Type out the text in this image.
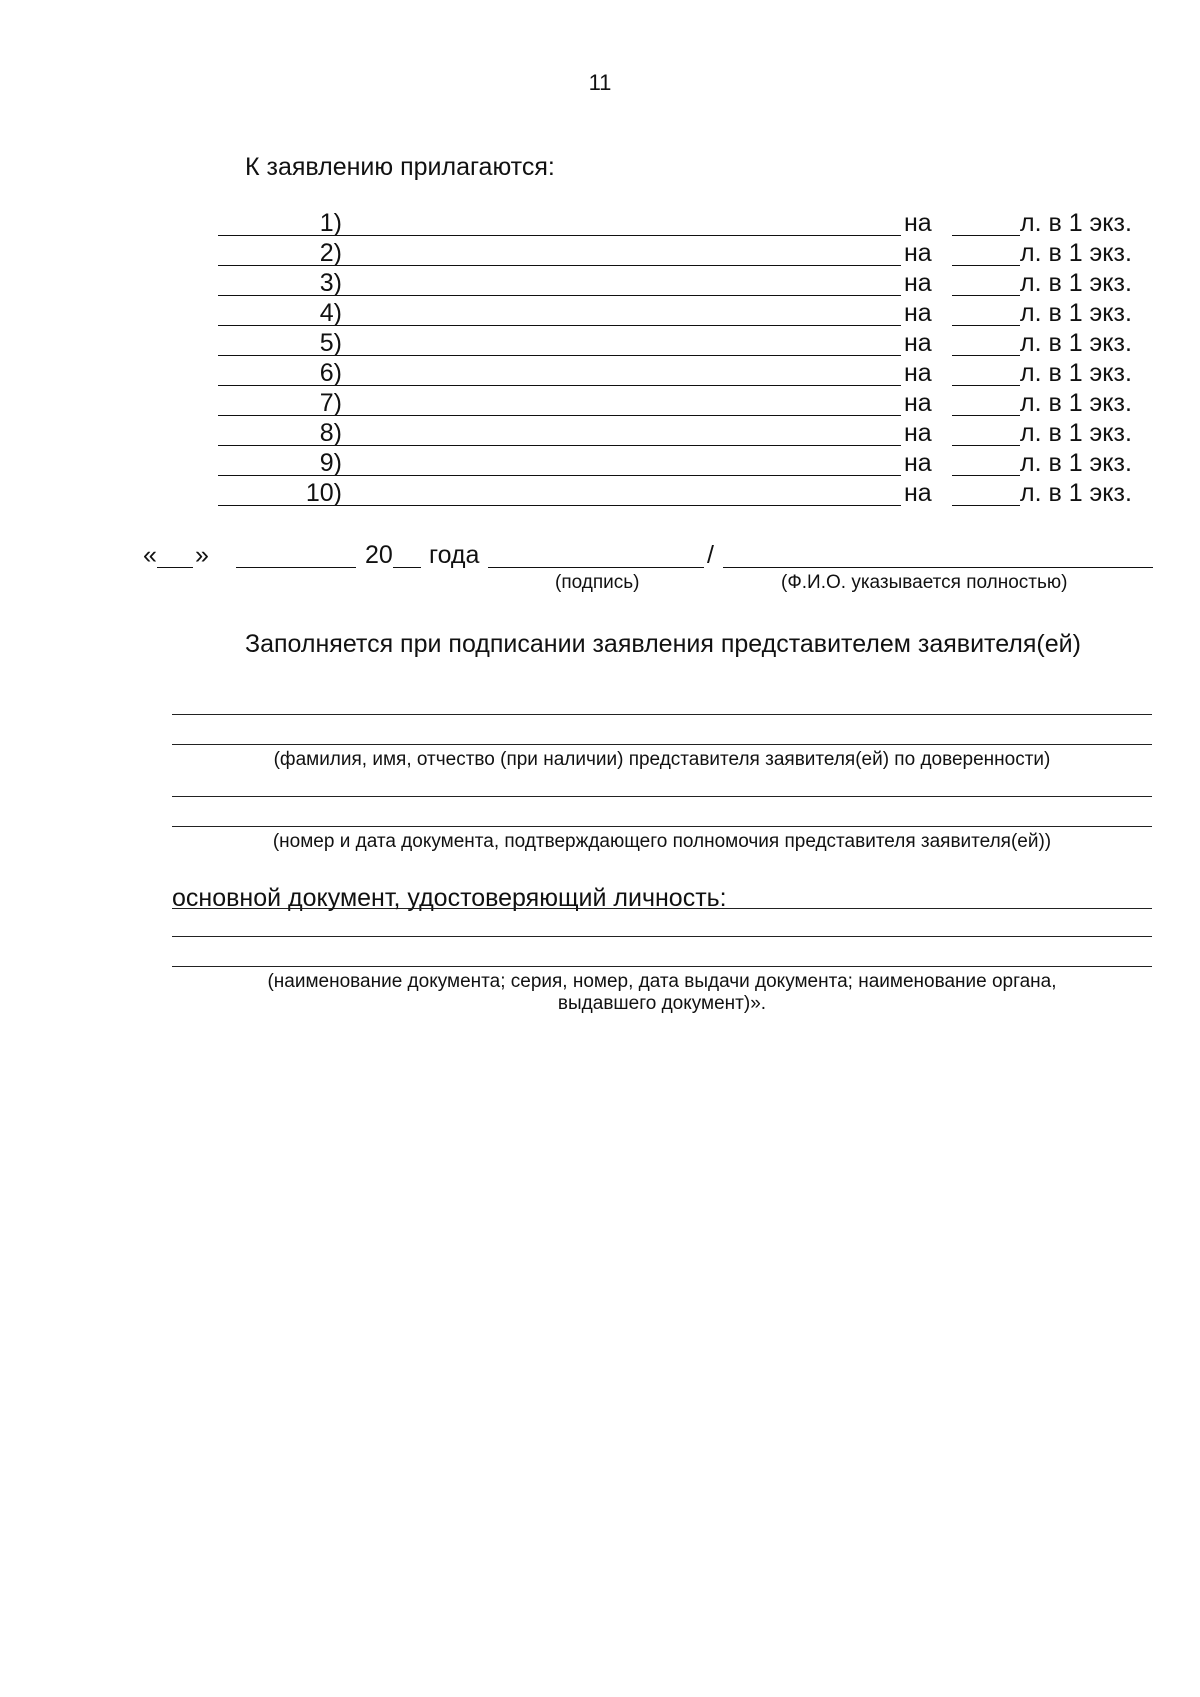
11
К заявлению прилагаются:
1)	на	л. в 1 экз.
2)	на	л. в 1 экз.
3)	на	л. в 1 экз.
4)	на	л. в 1 экз.
5)	на	л. в 1 экз.
6)	на	л. в 1 экз.
7)	на	л. в 1 экз.
8)	на	л. в 1 экз.
9)	на	л. в 1 экз.
10)	на	л. в 1 экз.
« »	20 года	/
(подпись)	(Ф.И.О. указывается полностью)
Заполняется при подписании заявления представителем заявителя(ей)
(фамилия, имя, отчество (при наличии) представителя заявителя(ей) по доверенности)
(номер и дата документа, подтверждающего полномочия представителя заявителя(ей))
основной документ, удостоверяющий личность:
(наименование документа; серия, номер, дата выдачи документа; наименование органа,
выдавшего документ)».
